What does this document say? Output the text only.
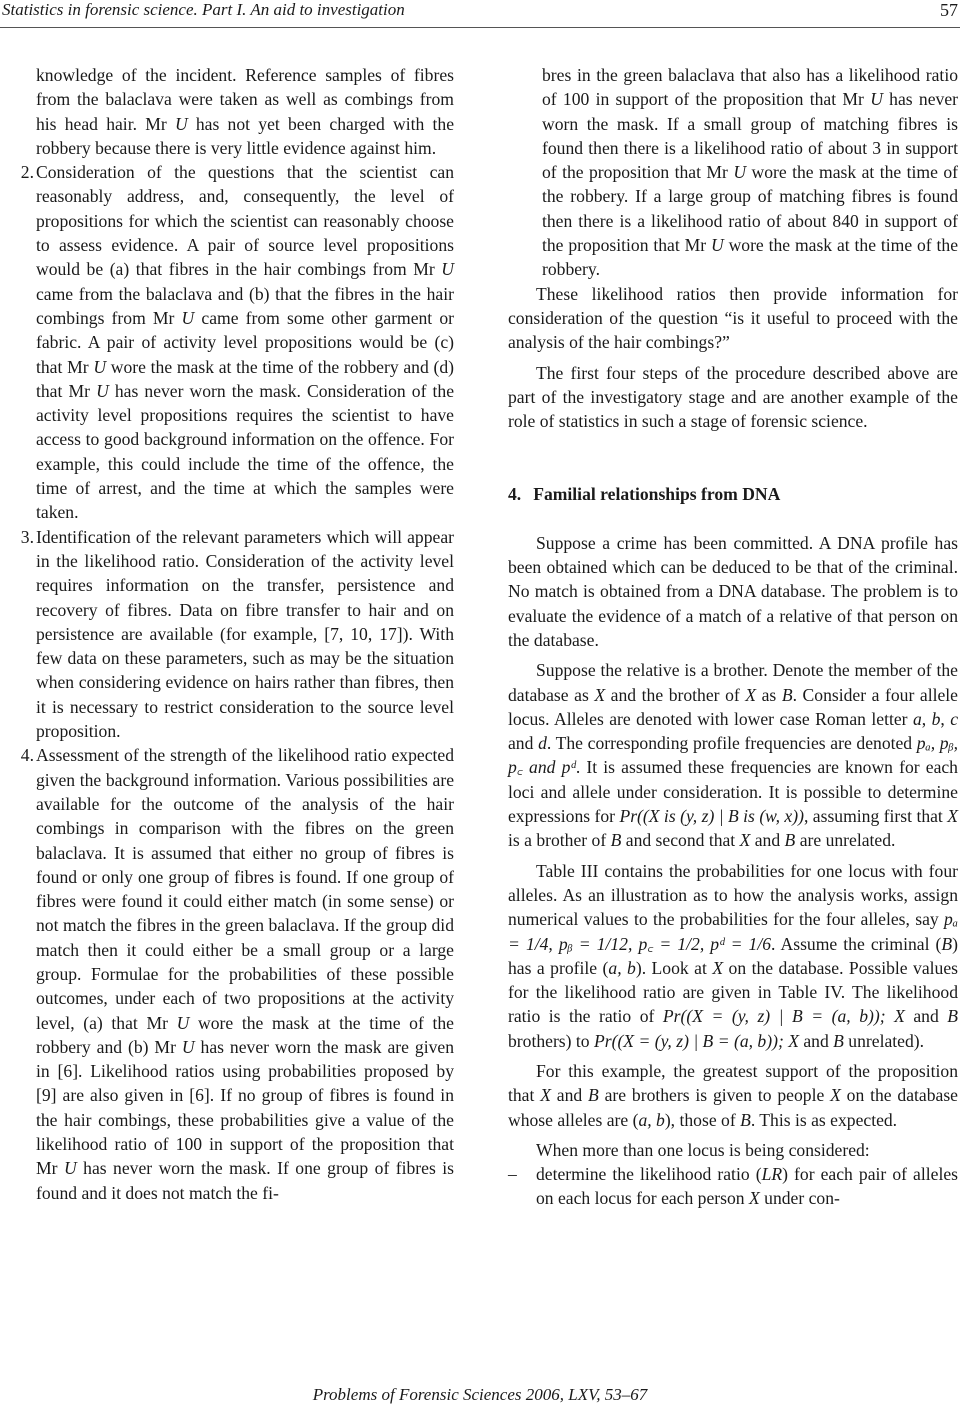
Statistics in forensic science. Part I. An aid to investigation	57

knowledge of the incident. Reference samples of fibres from the balaclava were taken as well as combings from his head hair. Mr U has not yet been charged with the robbery because there is very little evidence against him.

2. Consideration of the questions that the scientist can reasonably address, and, consequently, the level of propositions for which the scientist can reasonably choose to assess evidence. A pair of source level propositions would be (a) that fibres in the hair combings from Mr U came from the balaclava and (b) that the fibres in the hair combings from Mr U came from some other garment or fabric. A pair of activity level propositions would be (c) that Mr U wore the mask at the time of the robbery and (d) that Mr U has never worn the mask. Consideration of the activity level propositions requires the scientist to have access to good background information on the offence. For example, this could include the time of the offence, the time of arrest, and the time at which the samples were taken.

3. Identification of the relevant parameters which will appear in the likelihood ratio. Consideration of the activity level requires information on the transfer, persistence and recovery of fibres. Data on fibre transfer to hair and on persistence are available (for example, [7, 10, 17]). With few data on these parameters, such as may be the situation when considering evidence on hairs rather than fibres, then it is necessary to restrict consideration to the source level proposition.

4. Assessment of the strength of the likelihood ratio expected given the background information. Various possibilities are available for the outcome of the analysis of the hair combings in comparison with the fibres on the green balaclava. It is assumed that either no group of fibres is found or only one group of fibres is found. If one group of fibres were found it could either match (in some sense) or not match the fibres in the green balaclava. If the group did match then it could either be a small group or a large group. Formulae for the probabilities of these possible outcomes, under each of two propositions at the activity level, (a) that Mr U wore the mask at the time of the robbery and (b) Mr U has never worn the mask are given in [6]. Likelihood ratios using probabilities proposed by [9] are also given in [6]. If no group of fibres is found in the hair combings, these probabilities give a value of the likelihood ratio of 100 in support of the proposition that Mr U has never worn the mask. If one group of fibres is found and it does not match the fi-

bres in the green balaclava that also has a likelihood ratio of 100 in support of the proposition that Mr U has never worn the mask. If a small group of matching fibres is found then there is a likelihood ratio of about 3 in support of the proposition that Mr U wore the mask at the time of the robbery. If a large group of matching fibres is found then there is a likelihood ratio of about 840 in support of the proposition that Mr U wore the mask at the time of the robbery.

These likelihood ratios then provide information for consideration of the question “is it useful to proceed with the analysis of the hair combings?”

The first four steps of the procedure described above are part of the investigatory stage and are another example of the role of statistics in such a stage of forensic science.

4. Familial relationships from DNA

Suppose a crime has been committed. A DNA profile has been obtained which can be deduced to be that of the criminal. No match is obtained from a DNA database. The problem is to evaluate the evidence of a match of a relative of that person on the database.

Suppose the relative is a brother. Denote the member of the database as X and the brother of X as B. Consider a four allele locus. Alleles are denoted with lower case Roman letter a, b, c and d. The corresponding profile frequencies are denoted pₐ, pᵦ, p꜀ and pᵈ. It is assumed these frequencies are known for each loci and allele under consideration. It is possible to determine expressions for Pr((X is (y, z) | B is (w, x)), assuming first that X is a brother of B and second that X and B are unrelated.

Table III contains the probabilities for one locus with four alleles. As an illustration as to how the analysis works, assign numerical values to the probabilities for the four alleles, say pₐ = 1/4, pᵦ = 1/12, p꜀ = 1/2, pᵈ = 1/6. Assume the criminal (B) has a profile (a, b). Look at X on the database. Possible values for the likelihood ratio are given in Table IV. The likelihood ratio is the ratio of Pr((X = (y, z) | B = (a, b)); X and B brothers) to Pr((X = (y, z) | B = (a, b)); X and B unrelated).

For this example, the greatest support of the proposition that X and B are brothers is given to people X on the database whose alleles are (a, b), those of B. This is as expected.

When more than one locus is being considered:

– determine the likelihood ratio (LR) for each pair of alleles on each locus for each person X under con-

Problems of Forensic Sciences 2006, LXV, 53–67
